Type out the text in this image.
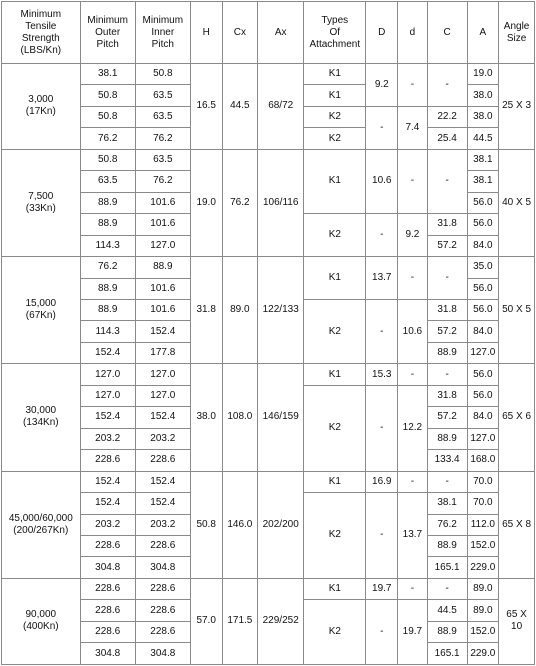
Minimum
Tensile
Strength
(LBS/Kn)	Minimum
Outer
Pitch	Minimum
Inner
Pitch	H	Cx	Ax	Types
Of
Attachment	D	d	C	A	Angle
Size
3,000
(17Kn)	38.1	50.8	16.5	44.5	68/72	K1	9.2	-	-	19.0	25 X 3
	50.8	63.5				K1				38.0	
	50.8	63.5				K2	-	7.4	22.2	38.0	
	76.2	76.2				K2			25.4	44.5	
7,500
(33Kn)	50.8	63.5	19.0	76.2	106/116	K1	10.6	-	-	38.1	40 X 5
	63.5	76.2								38.1	
	88.9	101.6								56.0	
	88.9	101.6				K2	-	9.2	31.8	56.0	
	114.3	127.0							57.2	84.0	
15,000
(67Kn)	76.2	88.9	31.8	89.0	122/133	K1	13.7	-	-	35.0	50 X 5
	88.9	101.6								56.0	
	88.9	101.6				K2	-	10.6	31.8	56.0	
	114.3	152.4							57.2	84.0	
	152.4	177.8							88.9	127.0	
30,000
(134Kn)	127.0	127.0	38.0	108.0	146/159	K1	15.3	-	-	56.0	65 X 6
	127.0	127.0				K2	-	12.2	31.8	56.0	
	152.4	152.4							57.2	84.0	
	203.2	203.2							88.9	127.0	
	228.6	228.6							133.4	168.0	
45,000/60,000
(200/267Kn)	152.4	152.4	50.8	146.0	202/200	K1	16.9	-	-	70.0	65 X 8
	152.4	152.4				K2	-	13.7	38.1	70.0	
	203.2	203.2							76.2	112.0	
	228.6	228.6							88.9	152.0	
	304.8	304.8							165.1	229.0	
90,000
(400Kn)	228.6	228.6	57.0	171.5	229/252	K1	19.7	-	-	89.0	65 X
10
	228.6	228.6				K2	-	19.7	44.5	89.0	
	228.6	228.6							88.9	152.0	
	304.8	304.8							165.1	229.0	
